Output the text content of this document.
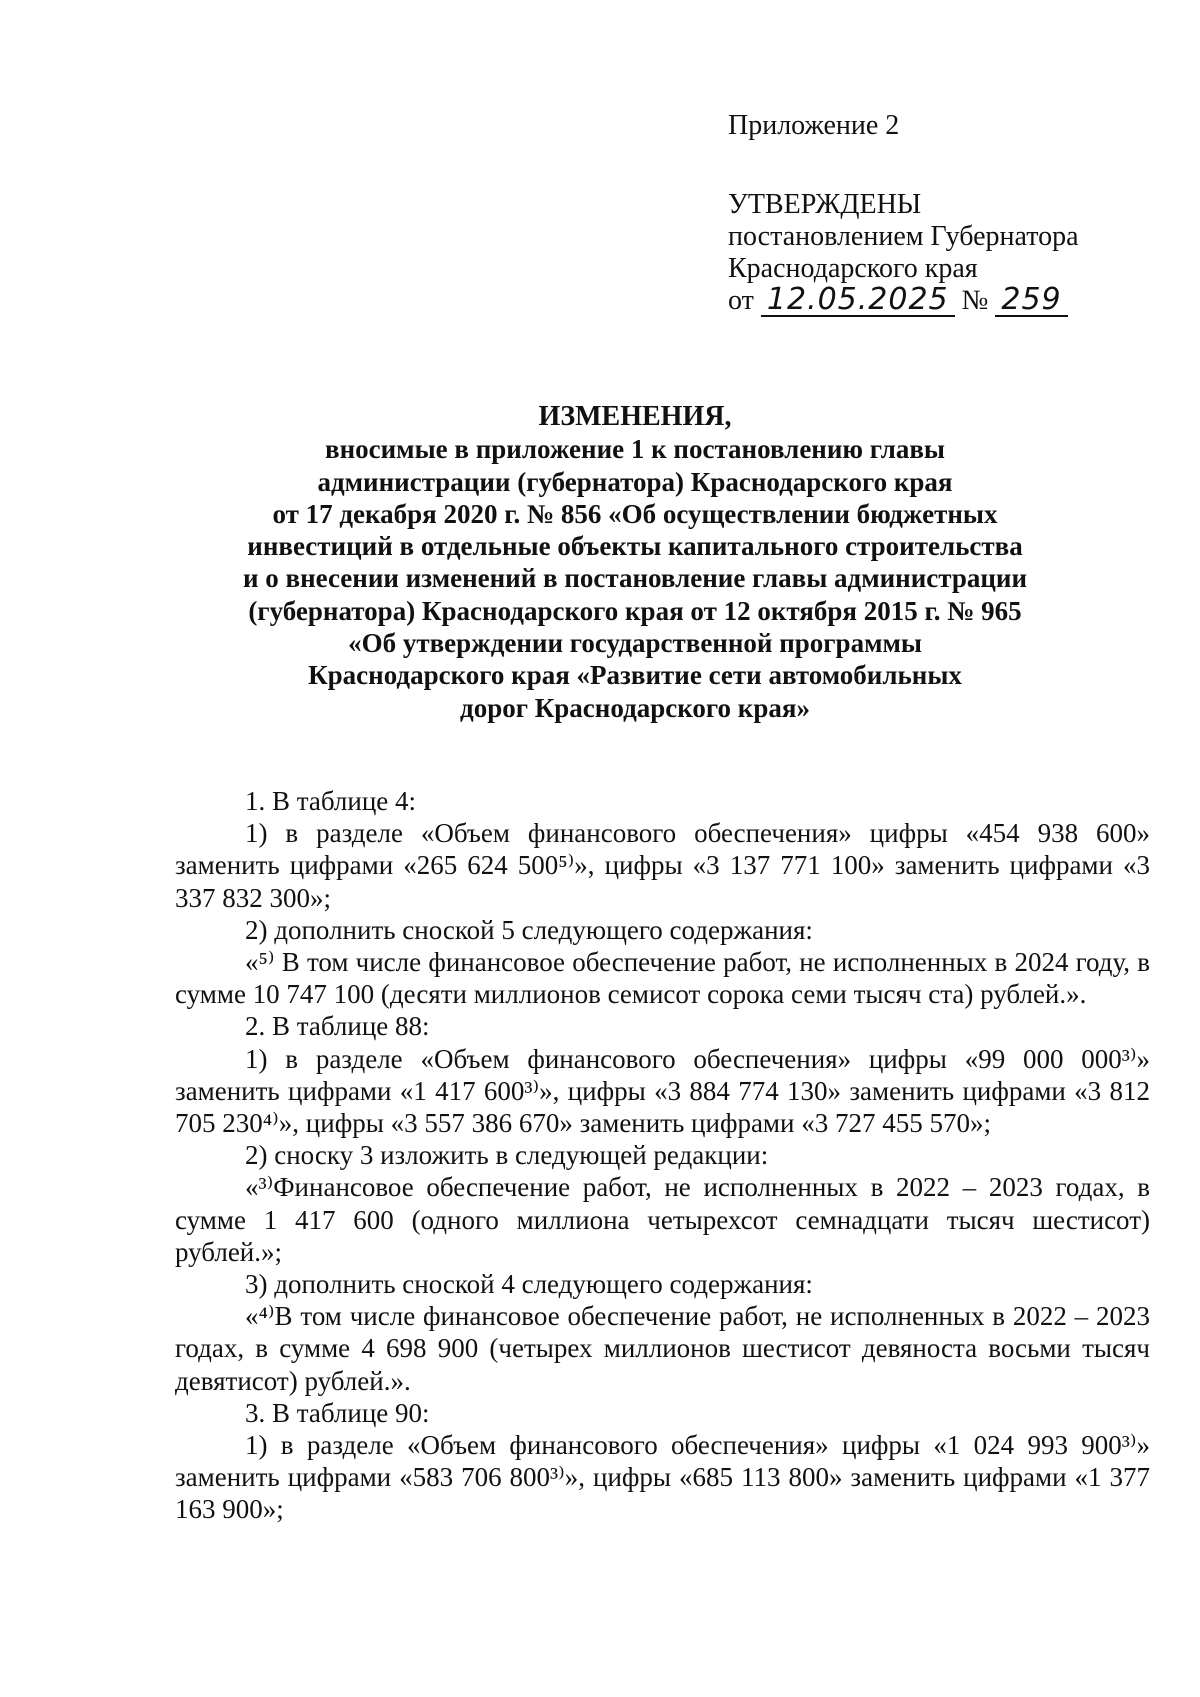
Приложение 2
УТВЕРЖДЕНЫ
постановлением Губернатора
Краснодарского края
от 12.05.2025 № 259
ИЗМЕНЕНИЯ,
вносимые в приложение 1 к постановлению главы
администрации (губернатора) Краснодарского края
от 17 декабря 2020 г. № 856 «Об осуществлении бюджетных
инвестиций в отдельные объекты капитального строительства
и о внесении изменений в постановление главы администрации
(губернатора) Краснодарского края от 12 октября 2015 г. № 965
«Об утверждении государственной программы
Краснодарского края «Развитие сети автомобильных
дорог Краснодарского края»

1. В таблице 4:

1) в разделе «Объем финансового обеспечения» цифры «454 938 600» заменить цифрами «265 624 500⁵⁾», цифры «3 137 771 100» заменить цифрами «3 337 832 300»;

2) дополнить сноской 5 следующего содержания:

«⁵⁾ В том числе финансовое обеспечение работ, не исполненных в 2024 году, в сумме 10 747 100 (десяти миллионов семисот сорока семи тысяч ста) рублей.».

2. В таблице 88:

1) в разделе «Объем финансового обеспечения» цифры «99 000 000³⁾» заменить цифрами «1 417 600³⁾», цифры «3 884 774 130» заменить цифрами «3 812 705 230⁴⁾», цифры «3 557 386 670» заменить цифрами «3 727 455 570»;

2) сноску 3 изложить в следующей редакции:

«³⁾Финансовое обеспечение работ, не исполненных в 2022 – 2023 годах, в сумме 1 417 600 (одного миллиона четырехсот семнадцати тысяч шестисот) рублей.»;

3) дополнить сноской 4 следующего содержания:

«⁴⁾В том числе финансовое обеспечение работ, не исполненных в 2022 – 2023 годах, в сумме 4 698 900 (четырех миллионов шестисот девяноста восьми тысяч девятисот) рублей.».

3. В таблице 90:

1) в разделе «Объем финансового обеспечения» цифры «1 024 993 900³⁾» заменить цифрами «583 706 800³⁾», цифры «685 113 800» заменить цифрами «1 377 163 900»;
